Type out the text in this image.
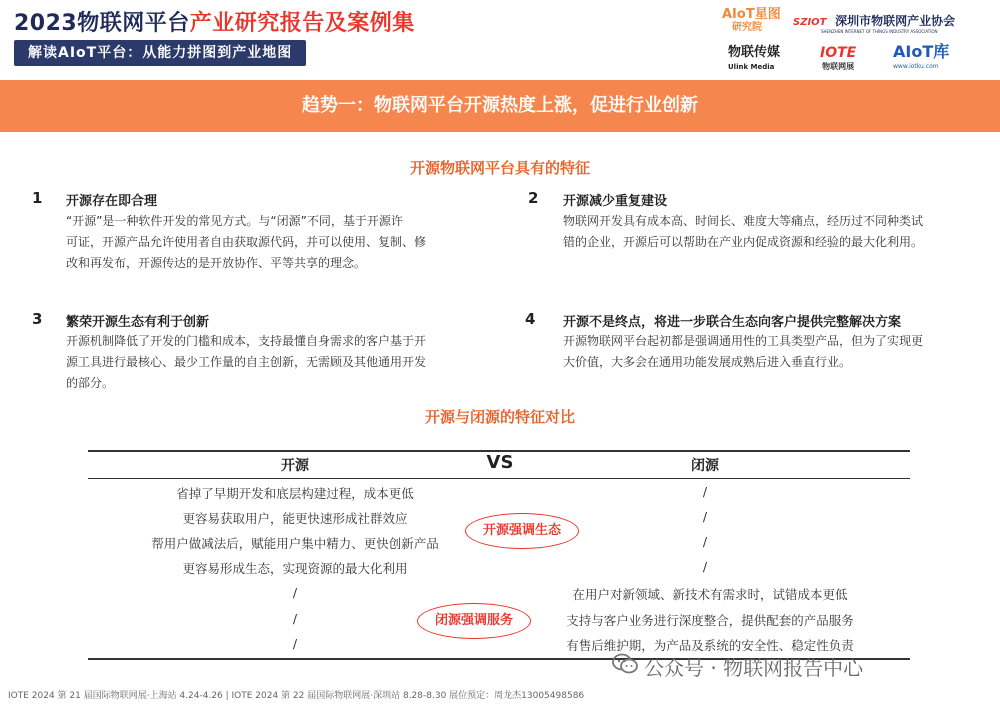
2023物联网平台产业研究报告及案例集
解读AIoT平台：从能力拼图到产业地图
AIoT星图
研究院	SZIOT 深圳市物联网产业协会
SHENZHEN INTERNET OF THINGS INDUSTRY ASSOCIATION
物联传媒
Ulink Media
IOTE
物联网展
AIoT库
www.iotku.com
趋势一：物联网平台开源热度上涨，促进行业创新
开源物联网平台具有的特征
1 开源存在即合理
“开源”是一种软件开发的常见方式。与“闭源”不同，基于开源许
可证，开源产品允许使用者自由获取源代码，并可以使用、复制、修
改和再发布，开源传达的是开放协作、平等共享的理念。
2 开源减少重复建设
物联网开发具有成本高、时间长、难度大等痛点，经历过不同种类试
错的企业，开源后可以帮助在产业内促成资源和经验的最大化利用。
3 繁荣开源生态有利于创新
开源机制降低了开发的门槛和成本，支持最懂自身需求的客户基于开
源工具进行最核心、最少工作量的自主创新，无需顾及其他通用开发
的部分。
4 开源不是终点，将进一步联合生态向客户提供完整解决方案
开源物联网平台起初都是强调通用性的工具类型产品，但为了实现更
大价值，大多会在通用功能发展成熟后进入垂直行业。
开源与闭源的特征对比
开源	VS	闭源
省掉了早期开发和底层构建过程，成本更低	/
更容易获取用户，能更快速形成社群效应	/
帮用户做减法后，赋能用户集中精力、更快创新产品	/
更容易形成生态，实现资源的最大化利用	/
/	在用户对新领域、新技术有需求时，试错成本更低
/	支持与客户业务进行深度整合，提供配套的产品服务
/	有售后维护期，为产品及系统的安全性、稳定性负责
开源强调生态
闭源强调服务
公众号 · 物联网报告中心
IOTE 2024 第 21 届国际物联网展·上海站 4.24-4.26 | IOTE 2024 第 22 届国际物联网展·深圳站 8.28-8.30 展位预定：周龙杰13005498586
